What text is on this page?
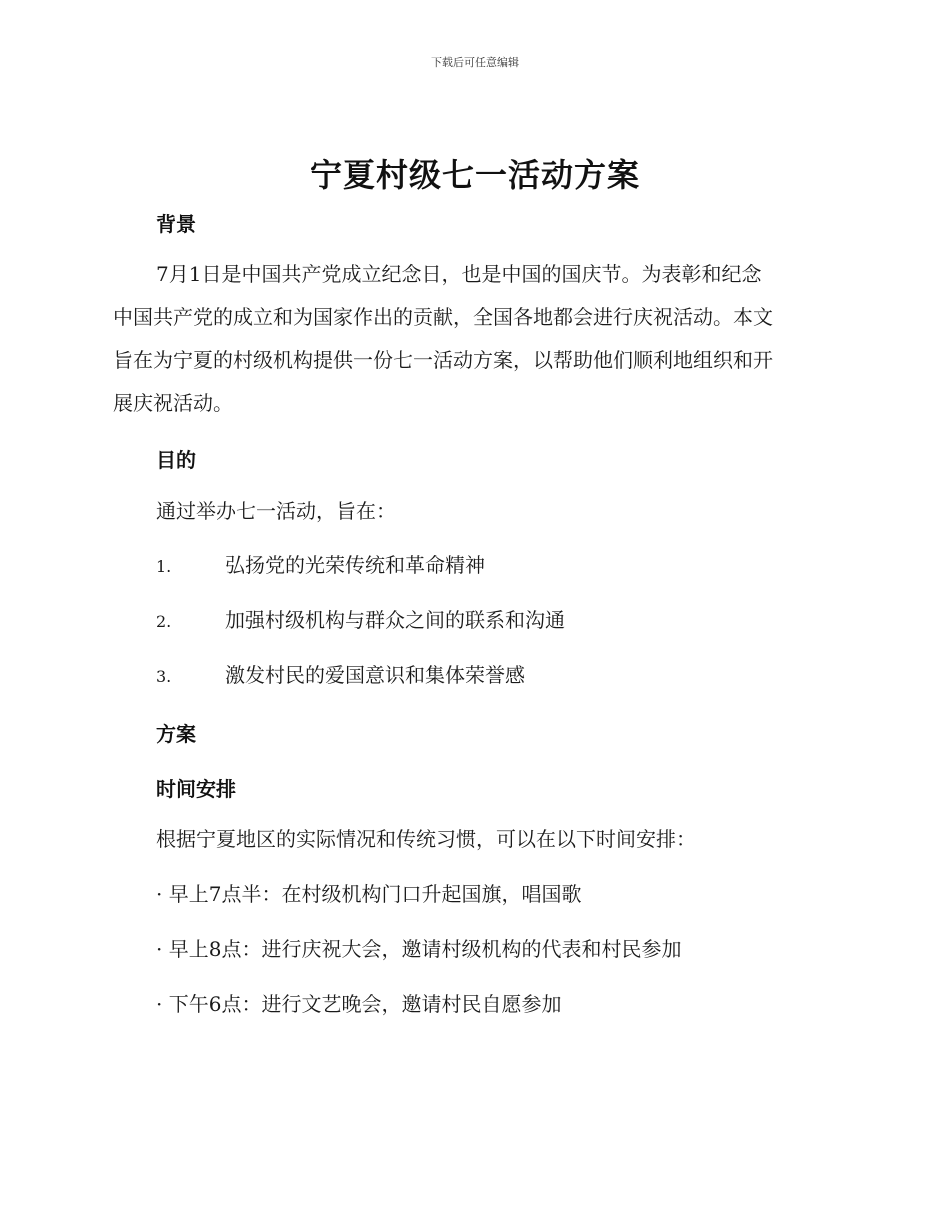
下载后可任意编辑
宁夏村级七一活动方案
背景
7月1日是中国共产党成立纪念日，也是中国的国庆节。为表彰和纪念
中国共产党的成立和为国家作出的贡献，全国各地都会进行庆祝活动。本文
旨在为宁夏的村级机构提供一份七一活动方案，以帮助他们顺利地组织和开
展庆祝活动。
目的
通过举办七一活动，旨在：
1.	弘扬党的光荣传统和革命精神
2.	加强村级机构与群众之间的联系和沟通
3.	激发村民的爱国意识和集体荣誉感
方案
时间安排
根据宁夏地区的实际情况和传统习惯，可以在以下时间安排：
· 早上7点半：在村级机构门口升起国旗，唱国歌
· 早上8点：进行庆祝大会，邀请村级机构的代表和村民参加
· 下午6点：进行文艺晚会，邀请村民自愿参加
